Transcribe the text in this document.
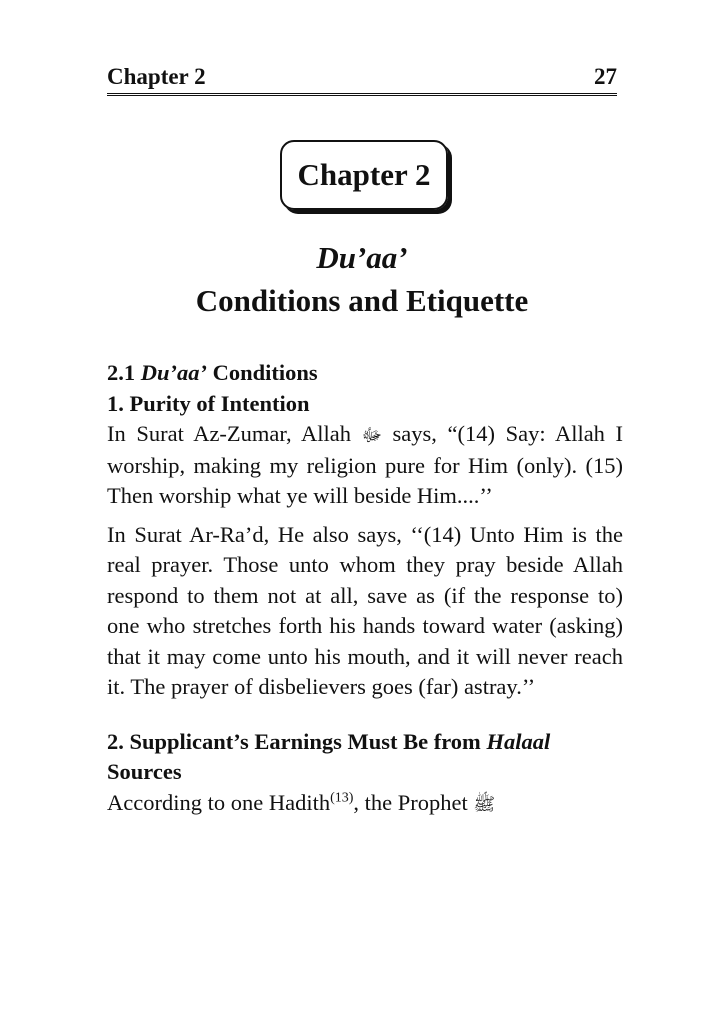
Chapter 2	27
Chapter 2
Du’aa’
Conditions and Etiquette
2.1 Du’aa’ Conditions
1. Purity of Intention

In Surat Az-Zumar, Allah ﷻ says, “(14) Say: Allah I worship, making my religion pure for Him (only). (15) Then worship what ye will beside Him....’’

In Surat Ar-Ra’d, He also says, ‘‘(14) Unto Him is the real prayer. Those unto whom they pray beside Allah respond to them not at all, save as (if the response to) one who stretches forth his hands toward water (asking) that it may come unto his mouth, and it will never reach it. The prayer of disbelievers goes (far) astray.’’

2. Supplicant’s Earnings Must Be from Halaal
Sources

According to one Hadith$^{(13)}$, the Prophet ﷺ
